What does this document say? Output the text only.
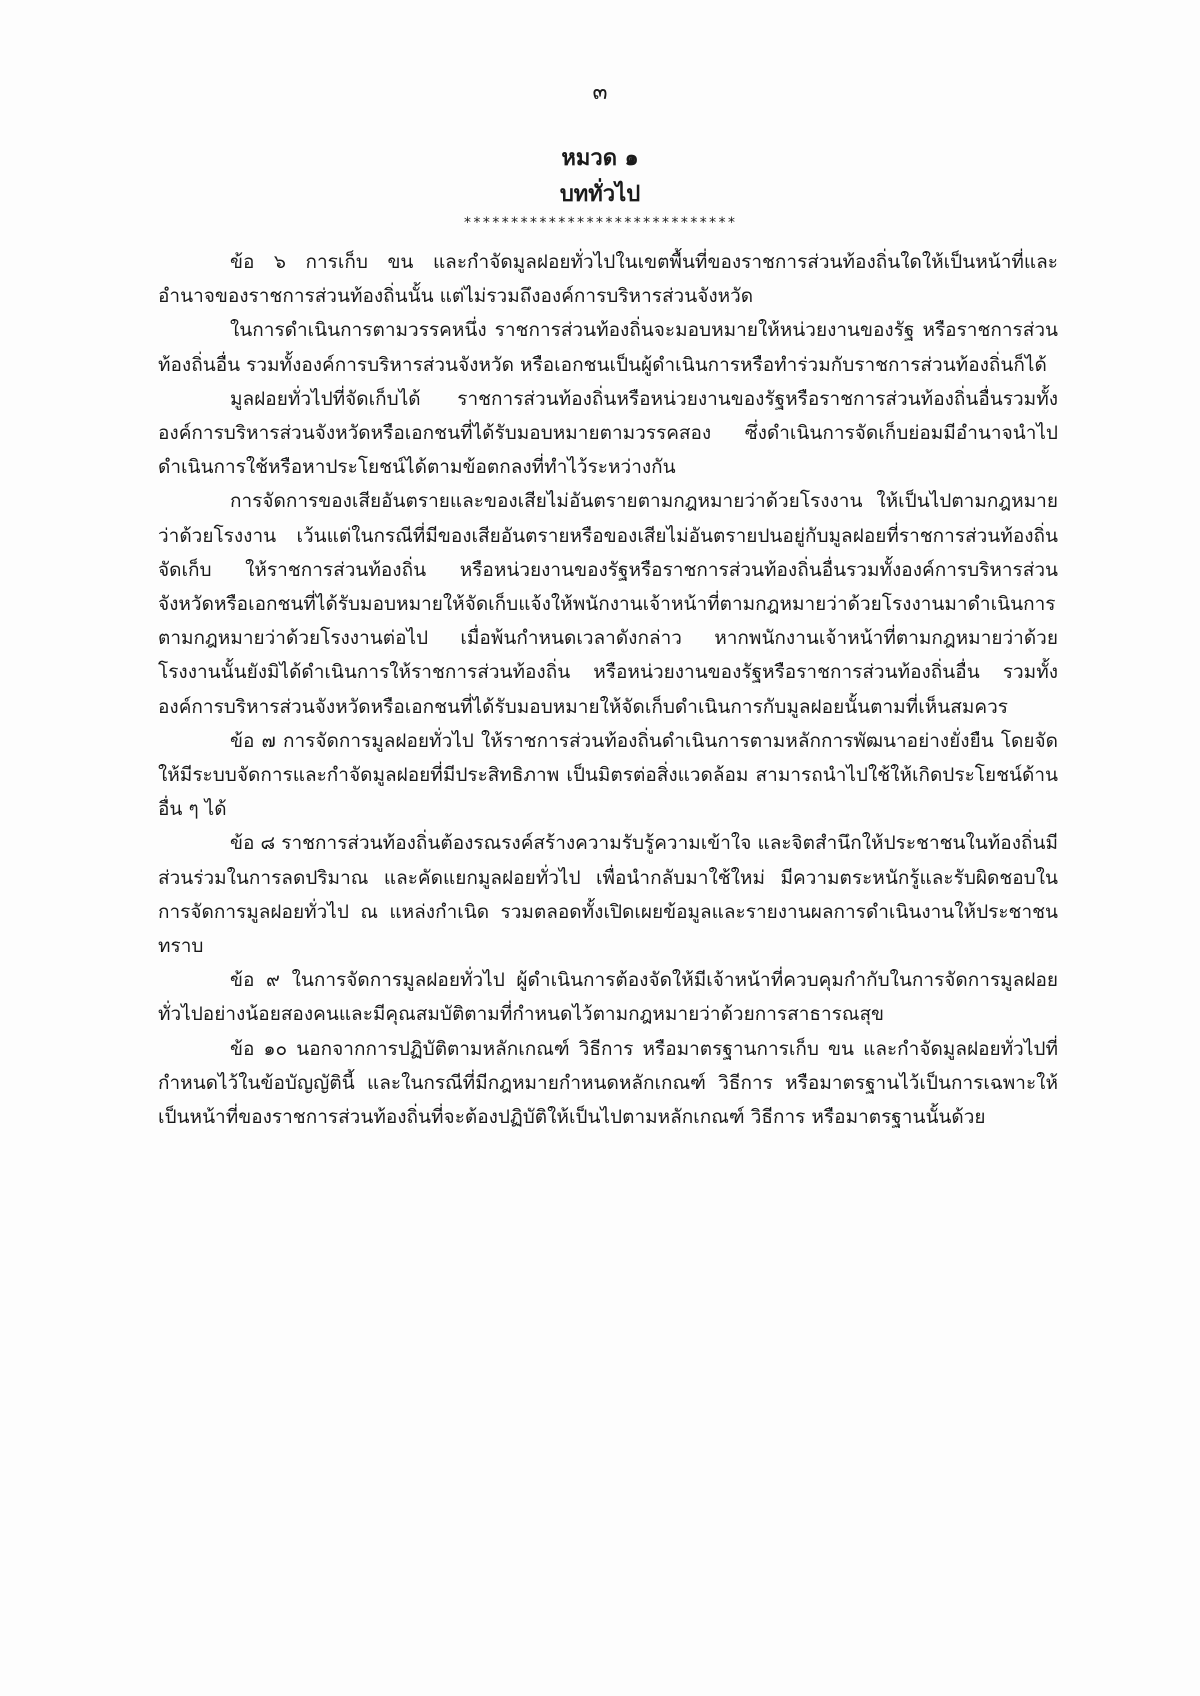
๓
หมวด ๑
บททั่วไป
*****************************

ข้อ ๖ การเก็บ ขน และกำจัดมูลฝอยทั่วไปในเขตพื้นที่ของราชการส่วนท้องถิ่นใดให้เป็นหน้าที่และอำนาจของราชการส่วนท้องถิ่นนั้น แต่ไม่รวมถึงองค์การบริหารส่วนจังหวัด

ในการดำเนินการตามวรรคหนึ่ง ราชการส่วนท้องถิ่นจะมอบหมายให้หน่วยงานของรัฐ หรือราชการส่วนท้องถิ่นอื่น รวมทั้งองค์การบริหารส่วนจังหวัด หรือเอกชนเป็นผู้ดำเนินการหรือทำร่วมกับราชการส่วนท้องถิ่นก็ได้

มูลฝอยทั่วไปที่จัดเก็บได้ ราชการส่วนท้องถิ่นหรือหน่วยงานของรัฐหรือราชการส่วนท้องถิ่นอื่นรวมทั้งองค์การบริหารส่วนจังหวัดหรือเอกชนที่ได้รับมอบหมายตามวรรคสอง ซึ่งดำเนินการจัดเก็บย่อมมีอำนาจนำไปดำเนินการใช้หรือหาประโยชน์ได้ตามข้อตกลงที่ทำไว้ระหว่างกัน

การจัดการของเสียอันตรายและของเสียไม่อันตรายตามกฎหมายว่าด้วยโรงงาน ให้เป็นไปตามกฎหมายว่าด้วยโรงงาน เว้นแต่ในกรณีที่มีของเสียอันตรายหรือของเสียไม่อันตรายปนอยู่กับมูลฝอยที่ราชการส่วนท้องถิ่นจัดเก็บ ให้ราชการส่วนท้องถิ่น หรือหน่วยงานของรัฐหรือราชการส่วนท้องถิ่นอื่นรวมทั้งองค์การบริหารส่วนจังหวัดหรือเอกชนที่ได้รับมอบหมายให้จัดเก็บแจ้งให้พนักงานเจ้าหน้าที่ตามกฎหมายว่าด้วยโรงงานมาดำเนินการตามกฎหมายว่าด้วยโรงงานต่อไป เมื่อพ้นกำหนดเวลาดังกล่าว หากพนักงานเจ้าหน้าที่ตามกฎหมายว่าด้วยโรงงานนั้นยังมิได้ดำเนินการให้ราชการส่วนท้องถิ่น หรือหน่วยงานของรัฐหรือราชการส่วนท้องถิ่นอื่น รวมทั้งองค์การบริหารส่วนจังหวัดหรือเอกชนที่ได้รับมอบหมายให้จัดเก็บดำเนินการกับมูลฝอยนั้นตามที่เห็นสมควร

ข้อ ๗ การจัดการมูลฝอยทั่วไป ให้ราชการส่วนท้องถิ่นดำเนินการตามหลักการพัฒนาอย่างยั่งยืน โดยจัดให้มีระบบจัดการและกำจัดมูลฝอยที่มีประสิทธิภาพ เป็นมิตรต่อสิ่งแวดล้อม สามารถนำไปใช้ให้เกิดประโยชน์ด้านอื่น ๆ ได้

ข้อ ๘ ราชการส่วนท้องถิ่นต้องรณรงค์สร้างความรับรู้ความเข้าใจ และจิตสำนึกให้ประชาชนในท้องถิ่นมีส่วนร่วมในการลดปริมาณ และคัดแยกมูลฝอยทั่วไป เพื่อนำกลับมาใช้ใหม่ มีความตระหนักรู้และรับผิดชอบในการจัดการมูลฝอยทั่วไป ณ แหล่งกำเนิด รวมตลอดทั้งเปิดเผยข้อมูลและรายงานผลการดำเนินงานให้ประชาชนทราบ

ข้อ ๙ ในการจัดการมูลฝอยทั่วไป ผู้ดำเนินการต้องจัดให้มีเจ้าหน้าที่ควบคุมกำกับในการจัดการมูลฝอยทั่วไปอย่างน้อยสองคนและมีคุณสมบัติตามที่กำหนดไว้ตามกฎหมายว่าด้วยการสาธารณสุข

ข้อ ๑๐ นอกจากการปฏิบัติตามหลักเกณฑ์ วิธีการ หรือมาตรฐานการเก็บ ขน และกำจัดมูลฝอยทั่วไปที่กำหนดไว้ในข้อบัญญัตินี้ และในกรณีที่มีกฎหมายกำหนดหลักเกณฑ์ วิธีการ หรือมาตรฐานไว้เป็นการเฉพาะให้เป็นหน้าที่ของราชการส่วนท้องถิ่นที่จะต้องปฏิบัติให้เป็นไปตามหลักเกณฑ์ วิธีการ หรือมาตรฐานนั้นด้วย
